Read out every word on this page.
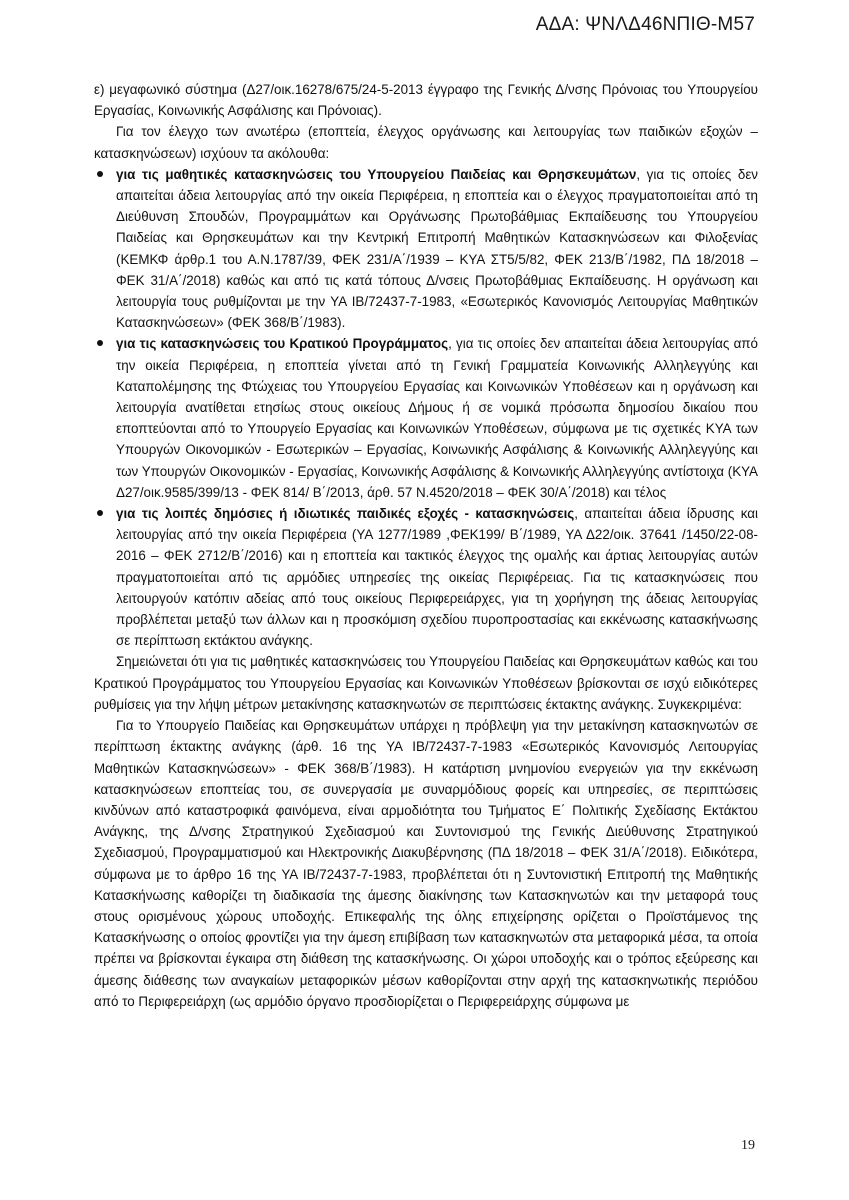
ΑΔΑ: ΨΝΛΔ46ΝΠΙΘ-Μ57

ε) μεγαφωνικό σύστημα (Δ27/οικ.16278/675/24-5-2013 έγγραφο της Γενικής Δ/νσης Πρόνοιας του Υπουργείου Εργασίας, Κοινωνικής Ασφάλισης και Πρόνοιας).

Για τον έλεγχο των ανωτέρω (εποπτεία, έλεγχος οργάνωσης και λειτουργίας των παιδικών εξοχών – κατασκηνώσεων) ισχύουν τα ακόλουθα:

για τις μαθητικές κατασκηνώσεις του Υπουργείου Παιδείας και Θρησκευμάτων, για τις οποίες δεν απαιτείται άδεια λειτουργίας από την οικεία Περιφέρεια, η εποπτεία και ο έλεγχος πραγματοποιείται από τη Διεύθυνση Σπουδών, Προγραμμάτων και Οργάνωσης Πρωτοβάθμιας Εκπαίδευσης του Υπουργείου Παιδείας και Θρησκευμάτων και την Κεντρική Επιτροπή Μαθητικών Κατασκηνώσεων και Φιλοξενίας (ΚΕΜΚΦ άρθρ.1 του Α.Ν.1787/39, ΦΕΚ 231/Α΄/1939 – ΚΥΑ ΣΤ5/5/82, ΦΕΚ 213/Β΄/1982, ΠΔ 18/2018 – ΦΕΚ 31/Α΄/2018) καθώς και από τις κατά τόπους Δ/νσεις Πρωτοβάθμιας Εκπαίδευσης. Η οργάνωση και λειτουργία τους ρυθμίζονται με την ΥΑ ΙΒ/72437-7-1983, «Εσωτερικός Κανονισμός Λειτουργίας Μαθητικών Κατασκηνώσεων» (ΦΕΚ 368/Β΄/1983).
για τις κατασκηνώσεις του Κρατικού Προγράμματος, για τις οποίες δεν απαιτείται άδεια λειτουργίας από την οικεία Περιφέρεια, η εποπτεία γίνεται από τη Γενική Γραμματεία Κοινωνικής Αλληλεγγύης και Καταπολέμησης της Φτώχειας του Υπουργείου Εργασίας και Κοινωνικών Υποθέσεων και η οργάνωση και λειτουργία ανατίθεται ετησίως στους οικείους Δήμους ή σε νομικά πρόσωπα δημοσίου δικαίου που εποπτεύονται από το Υπουργείο Εργασίας και Κοινωνικών Υποθέσεων, σύμφωνα με τις σχετικές ΚΥΑ των Υπουργών Οικονομικών - Εσωτερικών – Εργασίας, Κοινωνικής Ασφάλισης & Κοινωνικής Αλληλεγγύης και των Υπουργών Οικονομικών - Εργασίας, Κοινωνικής Ασφάλισης & Κοινωνικής Αλληλεγγύης αντίστοιχα (ΚΥΑ Δ27/οικ.9585/399/13 - ΦΕΚ 814/ Β΄/2013, άρθ. 57 Ν.4520/2018 – ΦΕΚ 30/Α΄/2018) και τέλος
για τις λοιπές δημόσιες ή ιδιωτικές παιδικές εξοχές - κατασκηνώσεις, απαιτείται άδεια ίδρυσης και λειτουργίας από την οικεία Περιφέρεια (ΥΑ 1277/1989 ,ΦΕΚ199/ Β΄/1989, ΥΑ Δ22/οικ. 37641 /1450/22-08-2016 – ΦΕΚ 2712/Β΄/2016) και η εποπτεία και τακτικός έλεγχος της ομαλής και άρτιας λειτουργίας αυτών πραγματοποιείται από τις αρμόδιες υπηρεσίες της οικείας Περιφέρειας. Για τις κατασκηνώσεις που λειτουργούν κατόπιν αδείας από τους οικείους Περιφερειάρχες, για τη χορήγηση της άδειας λειτουργίας προβλέπεται μεταξύ των άλλων και η προσκόμιση σχεδίου πυροπροστασίας και εκκένωσης κατασκήνωσης σε περίπτωση εκτάκτου ανάγκης.

Σημειώνεται ότι για τις μαθητικές κατασκηνώσεις του Υπουργείου Παιδείας και Θρησκευμάτων καθώς και του Κρατικού Προγράμματος του Υπουργείου Εργασίας και Κοινωνικών Υποθέσεων βρίσκονται σε ισχύ ειδικότερες ρυθμίσεις για την λήψη μέτρων μετακίνησης κατασκηνωτών σε περιπτώσεις έκτακτης ανάγκης. Συγκεκριμένα:

Για το Υπουργείο Παιδείας και Θρησκευμάτων υπάρχει η πρόβλεψη για την μετακίνηση κατασκηνωτών σε περίπτωση έκτακτης ανάγκης (άρθ. 16 της ΥΑ ΙΒ/72437-7-1983 «Εσωτερικός Κανονισμός Λειτουργίας Μαθητικών Κατασκηνώσεων» - ΦΕΚ 368/Β΄/1983). Η κατάρτιση μνημονίου ενεργειών για την εκκένωση κατασκηνώσεων εποπτείας του, σε συνεργασία με συναρμόδιους φορείς και υπηρεσίες, σε περιπτώσεις κινδύνων από καταστροφικά φαινόμενα, είναι αρμοδιότητα του Τμήματος Ε΄ Πολιτικής Σχεδίασης Εκτάκτου Ανάγκης, της Δ/νσης Στρατηγικού Σχεδιασμού και Συντονισμού της Γενικής Διεύθυνσης Στρατηγικού Σχεδιασμού, Προγραμματισμού και Ηλεκτρονικής Διακυβέρνησης (ΠΔ 18/2018 – ΦΕΚ 31/Α΄/2018). Ειδικότερα, σύμφωνα με το άρθρο 16 της ΥΑ ΙΒ/72437-7-1983, προβλέπεται ότι η Συντονιστική Επιτροπή της Μαθητικής Κατασκήνωσης καθορίζει τη διαδικασία της άμεσης διακίνησης των Κατασκηνωτών και την μεταφορά τους στους ορισμένους χώρους υποδοχής. Επικεφαλής της όλης επιχείρησης ορίζεται ο Προϊστάμενος της Κατασκήνωσης ο οποίος φροντίζει για την άμεση επιβίβαση των κατασκηνωτών στα μεταφορικά μέσα, τα οποία πρέπει να βρίσκονται έγκαιρα στη διάθεση της κατασκήνωσης. Οι χώροι υποδοχής και ο τρόπος εξεύρεσης και άμεσης διάθεσης των αναγκαίων μεταφορικών μέσων καθορίζονται στην αρχή της κατασκηνωτικής περιόδου από το Περιφερειάρχη (ως αρμόδιο όργανο προσδιορίζεται ο Περιφερειάρχης σύμφωνα με

19
